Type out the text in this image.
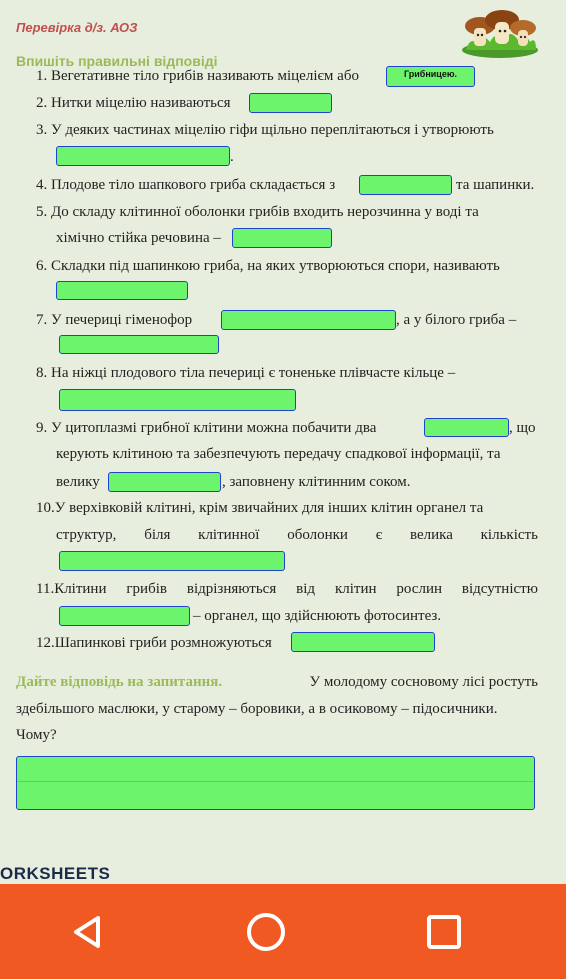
Перевірка д/з. АОЗ
Впишіть правильні відповіді
1. Вегетативне тіло грибів називають міцелієм або	Грибницею.
2. Нитки міцелію називаються
3. У деяких частинах міцелію гіфи щільно переплітаються і утворюють
.
4. Плодове тіло шапкового гриба складається з	та шапинки.
5. До складу клітинної оболонки грибів входить нерозчинна у воді та
хімічно стійка речовина –
6. Складки під шапинкою гриба, на яких утворюються спори, називають
7. У печериці гіменофор	, а у білого гриба –
8. На ніжці плодового тіла печериці є тоненьке плівчасте кільце –
9. У цитоплазмі грибної клітини можна побачити два	, що
керують клітиною та забезпечують передачу спадкової інформації, та
велику	, заповнену клітинним соком.
10.У верхівковій клітині, крім звичайних для інших клітин органел та
структур, біля клітинної оболонки є велика кількість
11.Клітини грибів відрізняються від клітин рослин відсутністю
– органел, що здійснюють фотосинтез.
12.Шапинкові гриби розмножуються
Дайте відповідь на запитання.	У молодому сосновому лісі ростуть
здебільшого маслюки, у старому – боровики, а в осиковому – підосичники.
Чому?
ORKSHEETS
